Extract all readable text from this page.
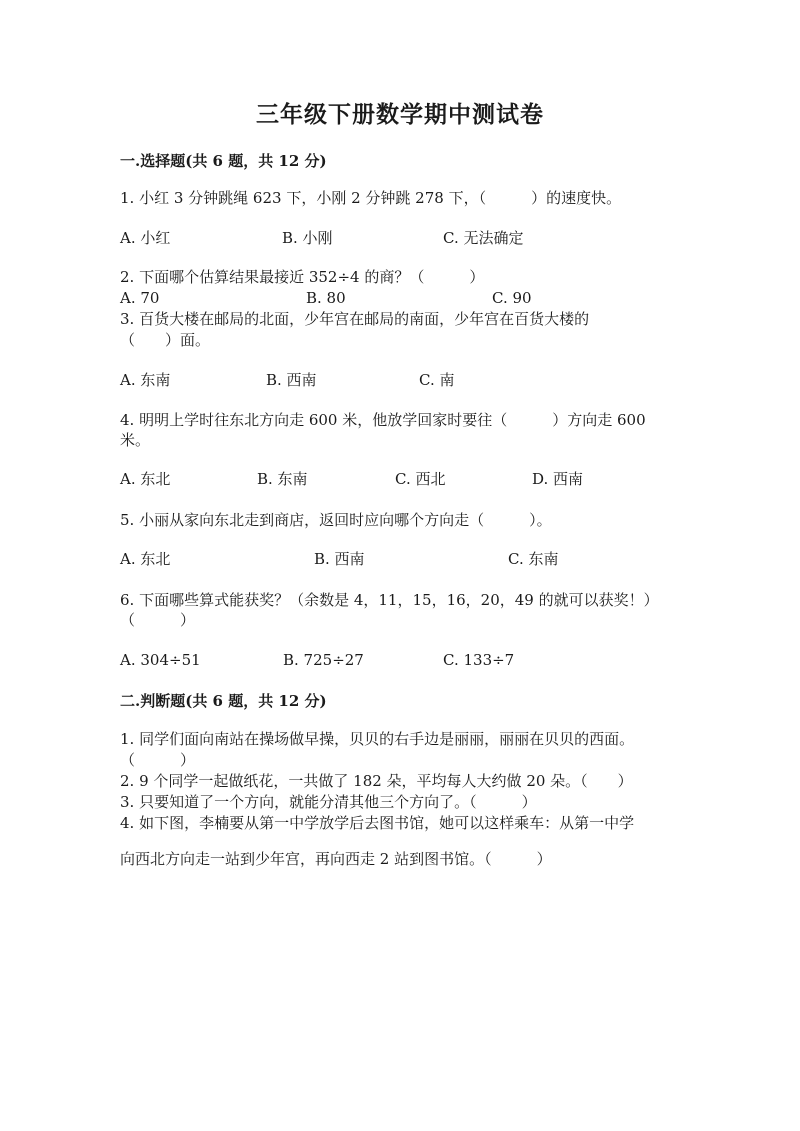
三年级下册数学期中测试卷
一.选择题(共 6 题，共 12 分)
1. 小红 3 分钟跳绳 623 下，小刚 2 分钟跳 278 下，（　　　）的速度快。
A. 小红	B. 小刚	C. 无法确定
2. 下面哪个估算结果最接近 352÷4 的商？（　　　）
A. 70	B. 80	C. 90
3. 百货大楼在邮局的北面，少年宫在邮局的南面，少年宫在百货大楼的
（　　）面。
A. 东南	B. 西南	C. 南
4. 明明上学时往东北方向走 600 米，他放学回家时要往（　　　）方向走 600
米。
A. 东北	B. 东南	C. 西北	D. 西南
5. 小丽从家向东北走到商店，返回时应向哪个方向走（　　　）。
A. 东北	B. 西南	C. 东南
6. 下面哪些算式能获奖？（余数是 4，11，15，16，20，49 的就可以获奖！）
（　　　）
A. 304÷51	B. 725÷27	C. 133÷7
二.判断题(共 6 题，共 12 分)
1. 同学们面向南站在操场做早操，贝贝的右手边是丽丽，丽丽在贝贝的西面。
（　　　）
2. 9 个同学一起做纸花，一共做了 182 朵，平均每人大约做 20 朵。（　　）
3. 只要知道了一个方向，就能分清其他三个方向了。（　　　）
4. 如下图，李楠要从第一中学放学后去图书馆，她可以这样乘车：从第一中学
向西北方向走一站到少年宫，再向西走 2 站到图书馆。（　　　）
